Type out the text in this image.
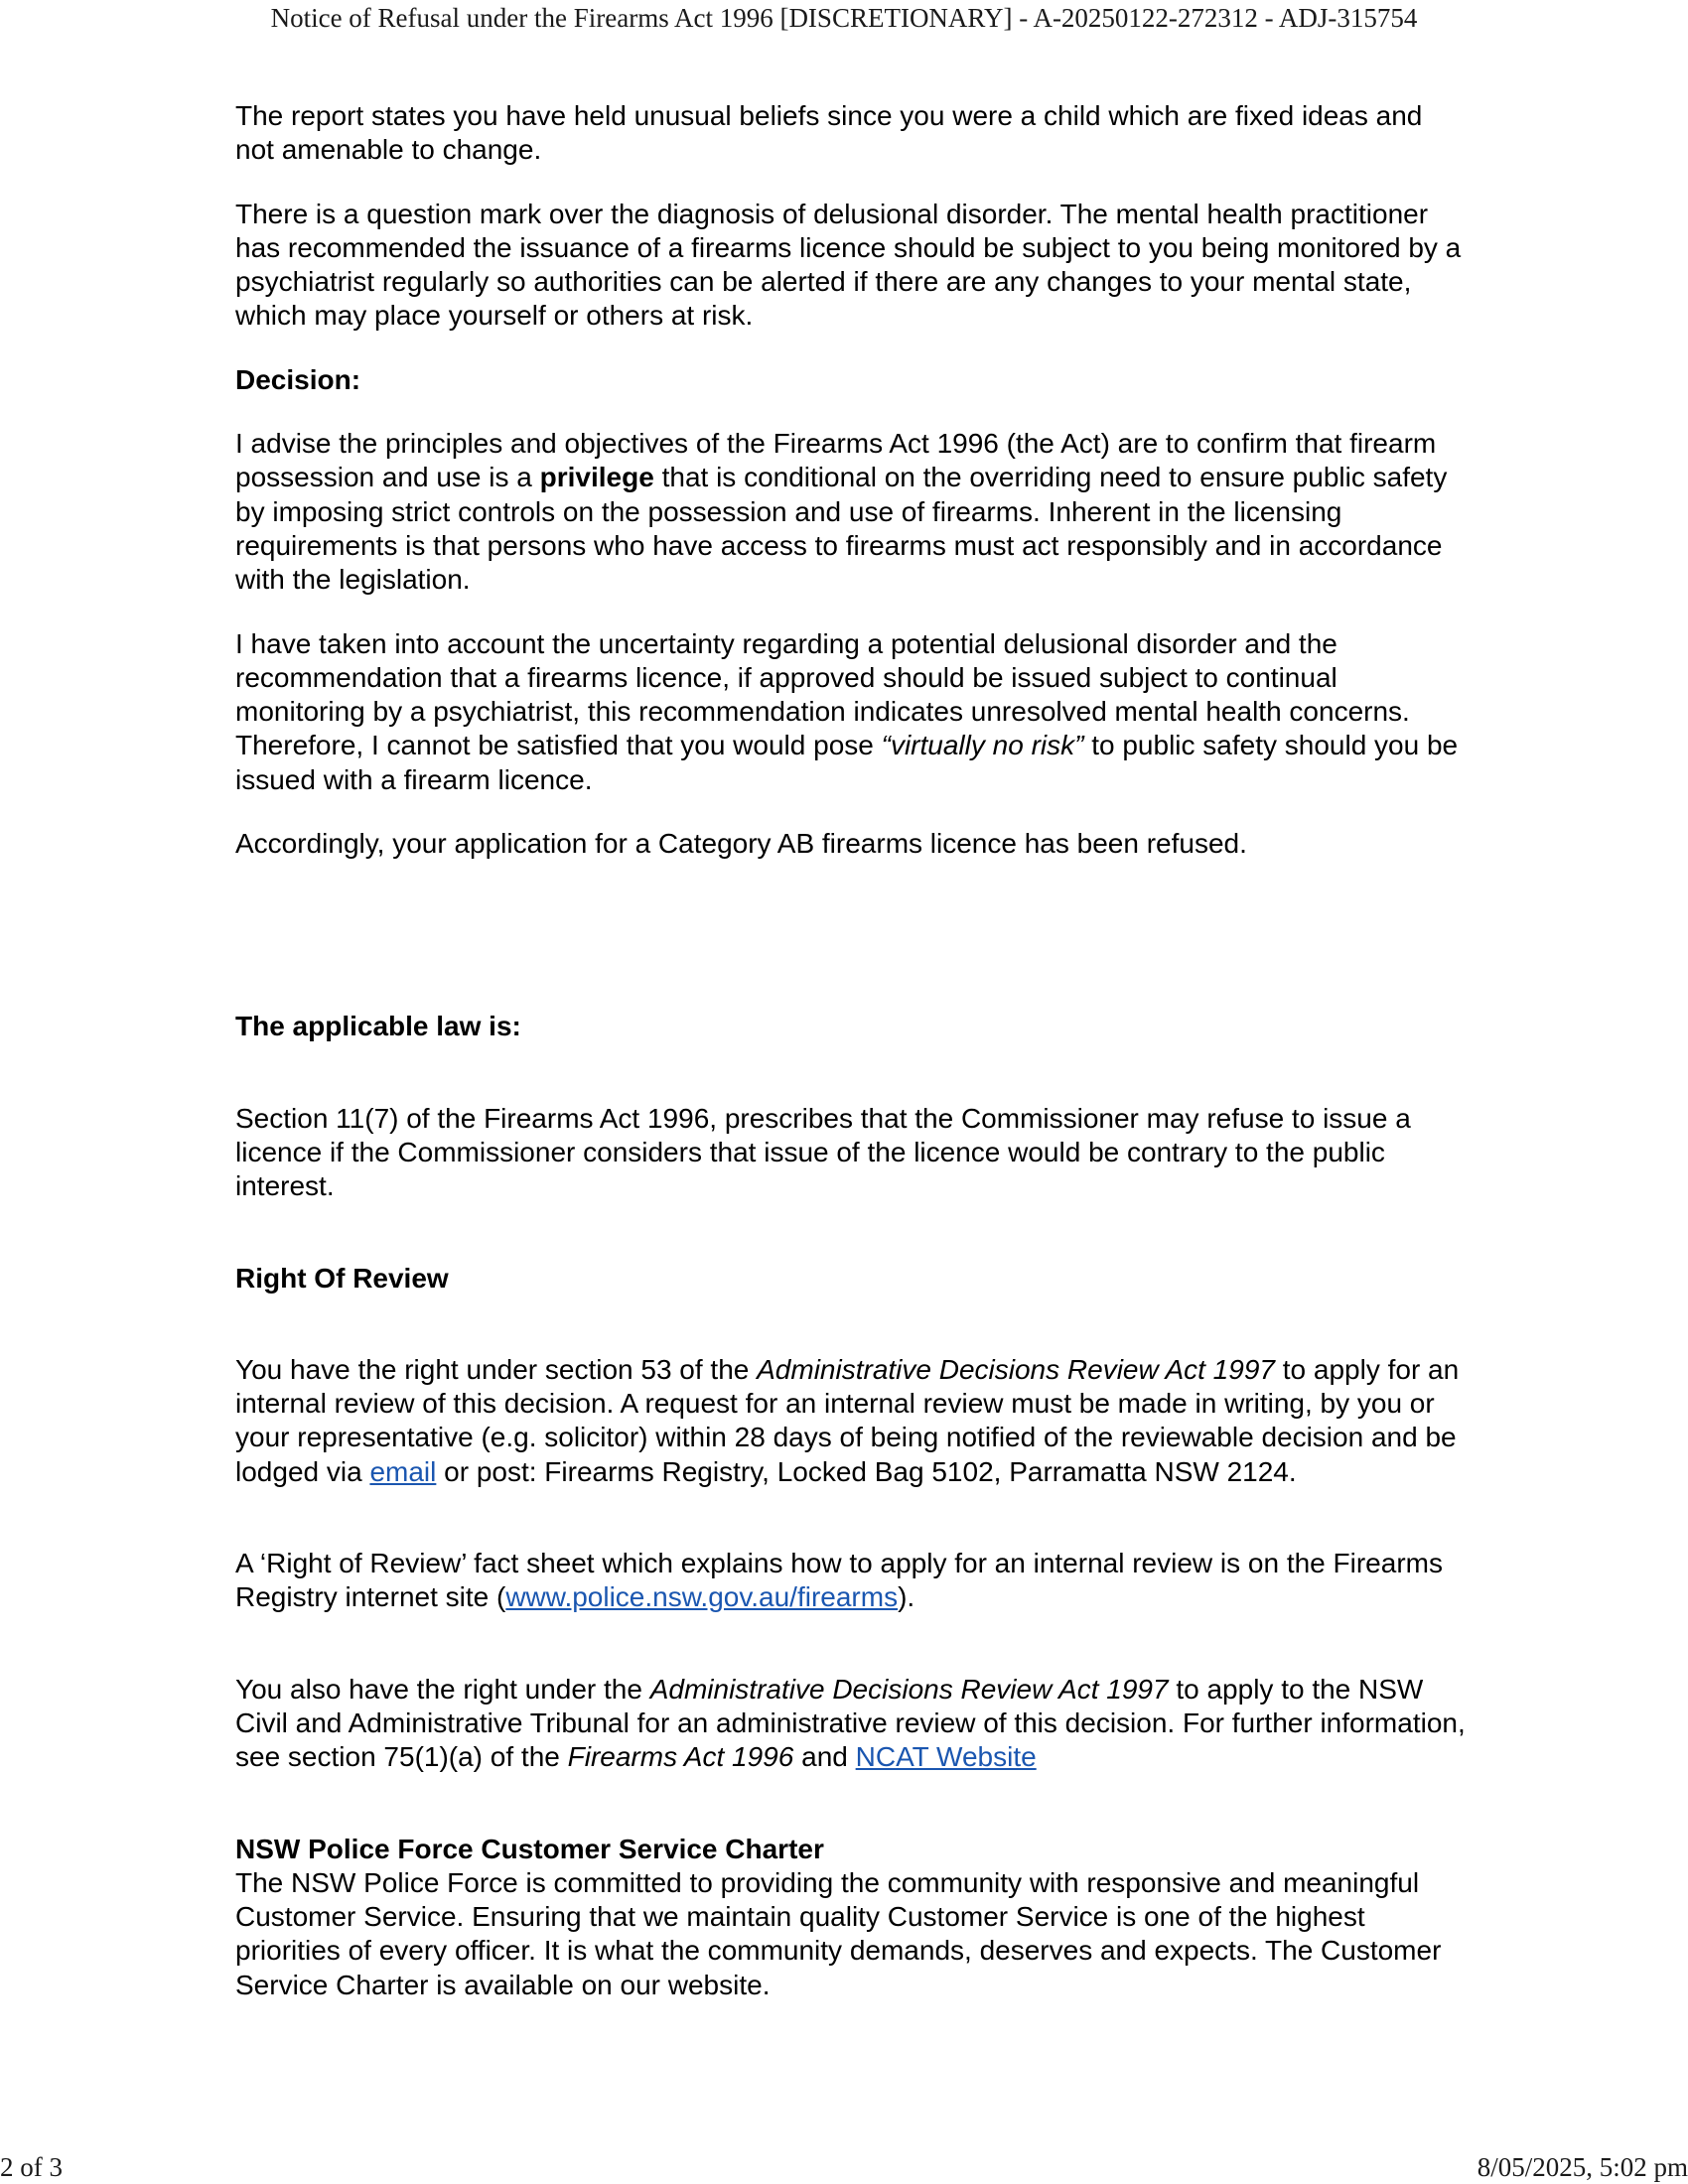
Notice of Refusal under the Firearms Act 1996 [DISCRETIONARY] - A-20250122-272312 - ADJ-315754

The report states you have held unusual beliefs since you were a child which are fixed ideas and not amenable to change.

There is a question mark over the diagnosis of delusional disorder. The mental health practitioner has recommended the issuance of a firearms licence should be subject to you being monitored by a psychiatrist regularly so authorities can be alerted if there are any changes to your mental state, which may place yourself or others at risk.

Decision:

I advise the principles and objectives of the Firearms Act 1996 (the Act) are to confirm that firearm possession and use is a privilege that is conditional on the overriding need to ensure public safety by imposing strict controls on the possession and use of firearms. Inherent in the licensing requirements is that persons who have access to firearms must act responsibly and in accordance with the legislation.

I have taken into account the uncertainty regarding a potential delusional disorder and the recommendation that a firearms licence, if approved should be issued subject to continual monitoring by a psychiatrist, this recommendation indicates unresolved mental health concerns. Therefore, I cannot be satisfied that you would pose “virtually no risk” to public safety should you be issued with a firearm licence.

Accordingly, your application for a Category AB firearms licence has been refused.

The applicable law is:

Section 11(7) of the Firearms Act 1996, prescribes that the Commissioner may refuse to issue a licence if the Commissioner considers that issue of the licence would be contrary to the public interest.

Right Of Review

You have the right under section 53 of the Administrative Decisions Review Act 1997 to apply for an internal review of this decision. A request for an internal review must be made in writing, by you or your representative (e.g. solicitor) within 28 days of being notified of the reviewable decision and be lodged via email or post: Firearms Registry, Locked Bag 5102, Parramatta NSW 2124.

A ‘Right of Review’ fact sheet which explains how to apply for an internal review is on the Firearms Registry internet site (www.police.nsw.gov.au/firearms).

You also have the right under the Administrative Decisions Review Act 1997 to apply to the NSW Civil and Administrative Tribunal for an administrative review of this decision. For further information, see section 75(1)(a) of the Firearms Act 1996 and NCAT Website

NSW Police Force Customer Service Charter

The NSW Police Force is committed to providing the community with responsive and meaningful Customer Service. Ensuring that we maintain quality Customer Service is one of the highest priorities of every officer. It is what the community demands, deserves and expects. The Customer Service Charter is available on our website.

2 of 3	8/05/2025, 5:02 pm
